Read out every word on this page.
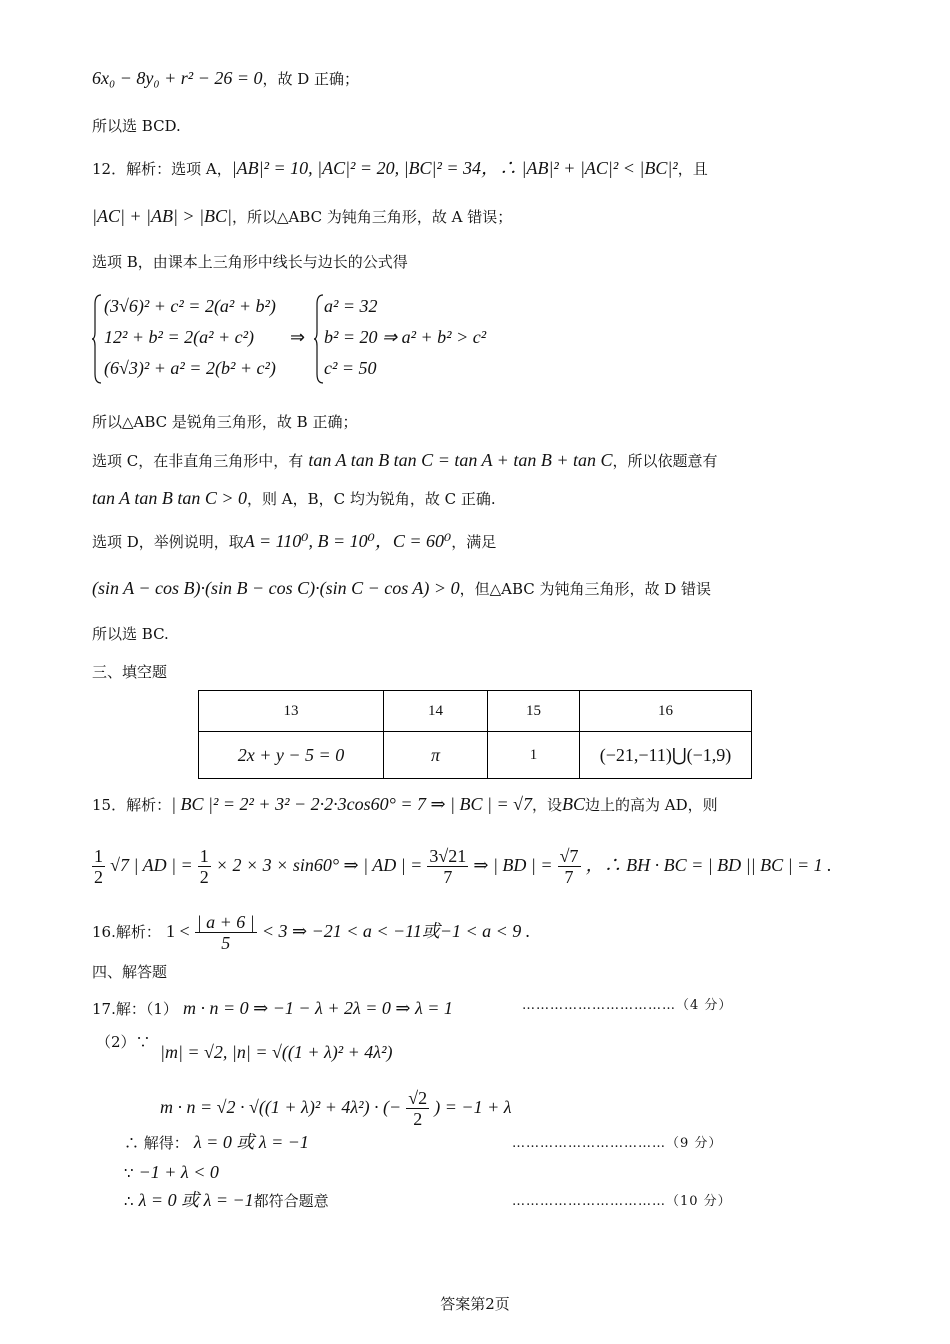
6x₀ − 8y₀ + r² − 26 = 0，故 D 正确；
所以选 BCD.
12．解析：选项 A，|AB|² = 10, |AC|² = 20, |BC|² = 34，∴ |AB|² + |AC|² < |BC|²，且
|AC| + |AB| > |BC|，所以△ABC 为钝角三角形，故 A 错误；
选项 B，由课本上三角形中线长与边长的公式得
(3√6)² + c² = 2(a² + b²)
12² + b² = 2(a² + c²)
(6√3)² + a² = 2(b² + c²)
⇒
a² = 32
b² = 20 ⇒ a² + b² > c²
c² = 50
所以△ABC 是锐角三角形，故 B 正确；
选项 C，在非直角三角形中，有 tan A tan B tan C = tan A + tan B + tan C，所以依题意有
tan A tan B tan C > 0，则 A，B，C 均为锐角，故 C 正确.
选项 D，举例说明，取A = 110⁰, B = 10⁰，C = 60⁰，满足
(sin A − cos B)·(sin B − cos C)·(sin C − cos A) > 0，但△ABC 为钝角三角形，故 D 错误
所以选 BC.
三、填空题
13	14	15	16
2x + y − 5 = 0	π	1	(−21,−11)⋃(−1,9)
15．解析：| BC |² = 2² + 3² − 2·2·3cos60° = 7 ⇒ | BC | = √7，设BC边上的高为 AD，则
$\frac{1}{2} √7$ | AD | = $\frac{1}{2} \times 2 \times 3 \times \sin 60^\circ$ ⇒ | AD | = $\frac{3√21}{7}$ ⇒ | BD | = $\frac{√7}{7}$ ，∴ BH · BC = | BD || BC | = 1 .
16.解析： $1 < \frac{| a + 6 |}{5} < 3$ ⇒ −21 < a < −11或−1 < a < 9 .
四、解答题
17.解：（1） m · n = 0 ⇒ −1 − λ + 2λ = 0 ⇒ λ = 1	……………………………（4 分）
（2）∵ |m| = √2, |n| = √((1 + λ)² + 4λ²)
m · n = √2 · √((1 + λ)² + 4λ²) · (− $\frac{√2}{2}$ ) = −1 + λ
∴ 解得： λ = 0 或 λ = −1	……………………………（9 分）
∵ −1 + λ < 0
∴ λ = 0 或 λ = −1都符合题意	……………………………（10 分）
答案第2页
